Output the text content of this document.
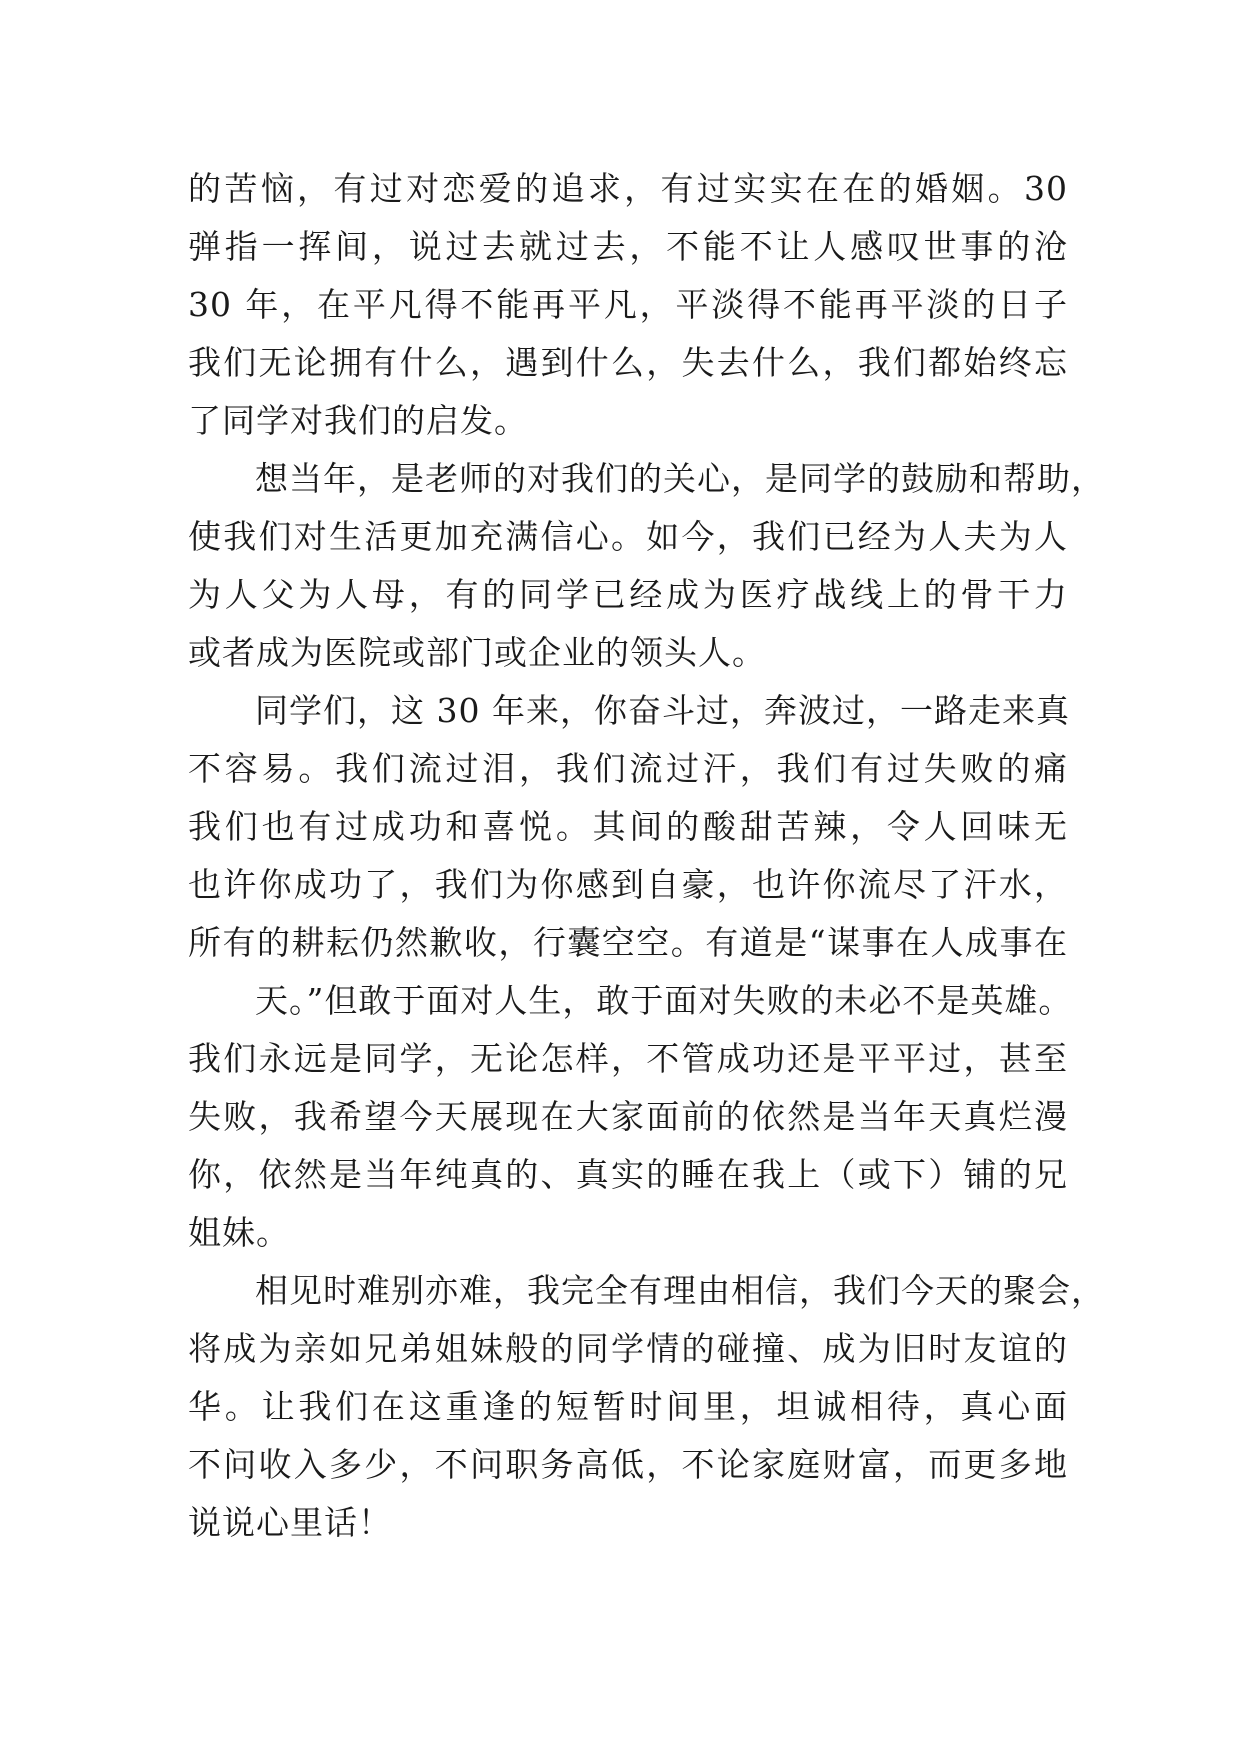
的苦恼，有过对恋爱的追求，有过实实在在的婚姻。30
弹指一挥间，说过去就过去，不能不让人感叹世事的沧
30 年，在平凡得不能再平凡，平淡得不能再平淡的日子
我们无论拥有什么，遇到什么，失去什么，我们都始终忘
了同学对我们的启发。
想当年，是老师的对我们的关心，是同学的鼓励和帮助，
使我们对生活更加充满信心。如今，我们已经为人夫为人
为人父为人母，有的同学已经成为医疗战线上的骨干力
或者成为医院或部门或企业的领头人。
同学们，这 30 年来，你奋斗过，奔波过，一路走来真
不容易。我们流过泪，我们流过汗，我们有过失败的痛
我们也有过成功和喜悦。其间的酸甜苦辣，令人回味无
也许你成功了，我们为你感到自豪，也许你流尽了汗水，
所有的耕耘仍然歉收，行囊空空。有道是“谋事在人成事在
天。”但敢于面对人生，敢于面对失败的未必不是英雄。
我们永远是同学，无论怎样，不管成功还是平平过，甚至
失败，我希望今天展现在大家面前的依然是当年天真烂漫
你，依然是当年纯真的、真实的睡在我上（或下）铺的兄
姐妹。
相见时难别亦难，我完全有理由相信，我们今天的聚会，
将成为亲如兄弟姐妹般的同学情的碰撞、成为旧时友谊的
华。让我们在这重逢的短暂时间里，坦诚相待，真心面
不问收入多少，不问职务高低，不论家庭财富，而更多地
说说心里话！
